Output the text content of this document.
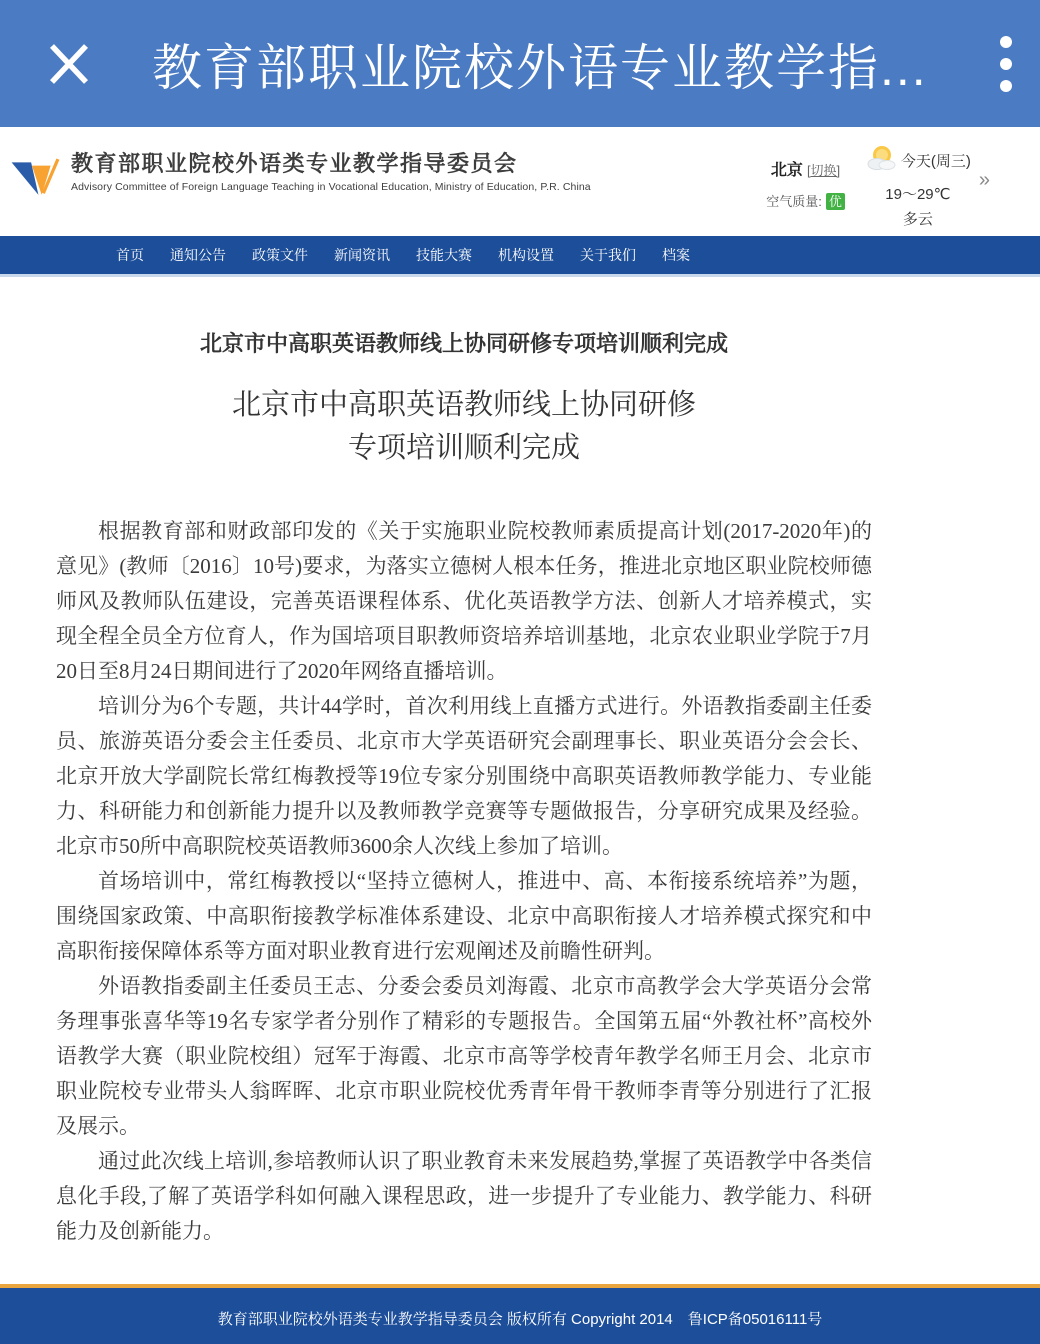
教育部职业院校外语专业教学指...
教育部职业院校外语类专业教学指导委员会
Advisory Committee of Foreign Language Teaching in Vocational Education, Ministry of Education, P.R. China
北京 [切换]
空气质量: 优
今天(周三)
19～29℃
多云
»
首页 通知公告 政策文件 新闻资讯 技能大赛 机构设置 关于我们 档案
北京市中高职英语教师线上协同研修专项培训顺利完成
北京市中高职英语教师线上协同研修
专项培训顺利完成

根据教育部和财政部印发的《关于实施职业院校教师素质提高计划(2017-2020年)的意见》(教师〔2016〕10号)要求，为落实立德树人根本任务，推进北京地区职业院校师德师风及教师队伍建设，完善英语课程体系、优化英语教学方法、创新人才培养模式，实现全程全员全方位育人，作为国培项目职教师资培养培训基地，北京农业职业学院于7月20日至8月24日期间进行了2020年网络直播培训。

培训分为6个专题，共计44学时，首次利用线上直播方式进行。外语教指委副主任委员、旅游英语分委会主任委员、北京市大学英语研究会副理事长、职业英语分会会长、北京开放大学副院长常红梅教授等19位专家分别围绕中高职英语教师教学能力、专业能力、科研能力和创新能力提升以及教师教学竞赛等专题做报告，分享研究成果及经验。北京市50所中高职院校英语教师3600余人次线上参加了培训。

首场培训中，常红梅教授以“坚持立德树人，推进中、高、本衔接系统培养”为题，围绕国家政策、中高职衔接教学标准体系建设、北京中高职衔接人才培养模式探究和中高职衔接保障体系等方面对职业教育进行宏观阐述及前瞻性研判。

外语教指委副主任委员王志、分委会委员刘海霞、北京市高教学会大学英语分会常务理事张喜华等19名专家学者分别作了精彩的专题报告。全国第五届“外教社杯”高校外语教学大赛（职业院校组）冠军于海霞、北京市高等学校青年教学名师王月会、北京市职业院校专业带头人翁晖晖、北京市职业院校优秀青年骨干教师李青等分别进行了汇报及展示。

通过此次线上培训,参培教师认识了职业教育未来发展趋势,掌握了英语教学中各类信息化手段,了解了英语学科如何融入课程思政，进一步提升了专业能力、教学能力、科研能力及创新能力。

教育部职业院校外语类专业教学指导委员会 版权所有 Copyright 2014　鲁ICP备05016111号
